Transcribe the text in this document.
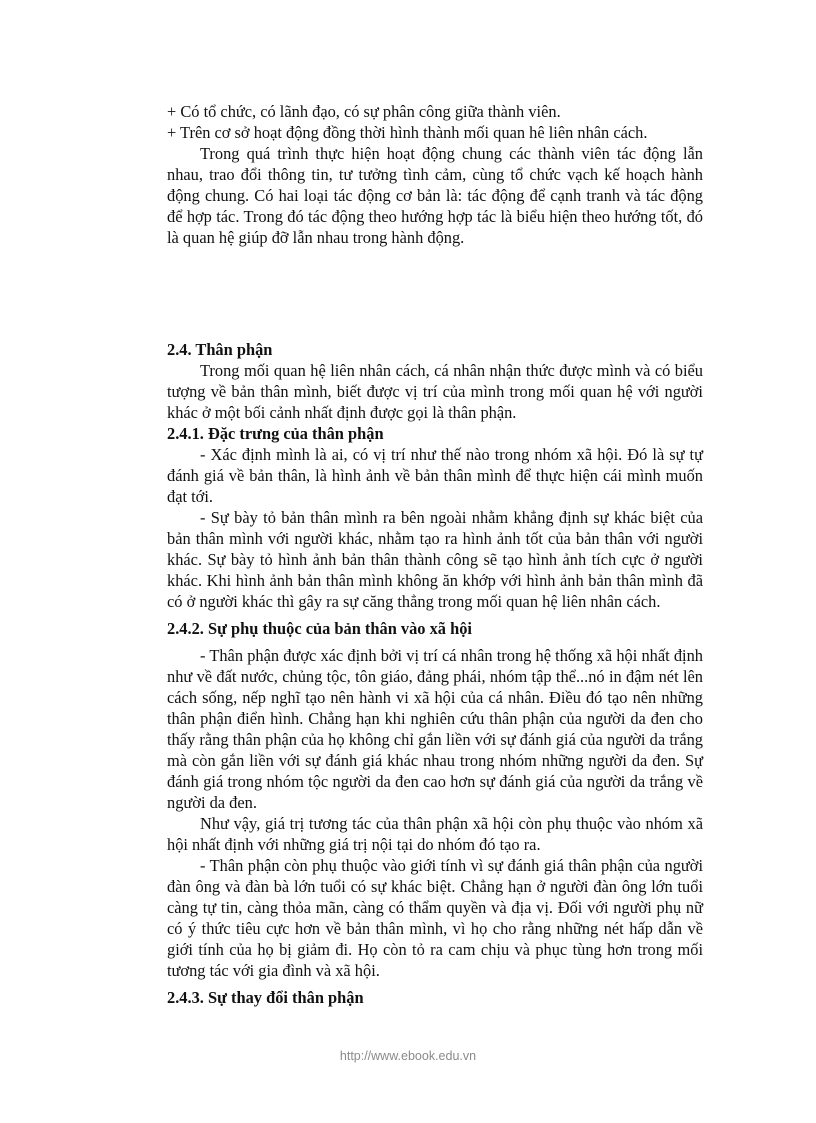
+ Có tổ chức, có lãnh đạo, có sự phân công giữa thành viên.

+ Trên cơ sở hoạt động đồng thời hình thành mối quan hê liên nhân cách.

Trong quá trình thực hiện hoạt động chung các thành viên tác động lẫn nhau, trao đổi thông tin, tư tưởng tình cảm, cùng tổ chức vạch kế hoạch hành động chung. Có hai loại tác động cơ bản là: tác động để cạnh tranh và tác động để hợp tác. Trong đó tác động theo hướng hợp tác là biểu hiện theo hướng tốt, đó là quan hệ giúp đỡ lẫn nhau trong hành động.

2.4. Thân phận

Trong mối quan hệ liên nhân cách, cá nhân nhận thức được mình và có biểu tượng về bản thân mình, biết được vị trí của mình trong mối quan hệ với người khác ở một bối cảnh nhất định được gọi là thân phận.

2.4.1. Đặc trưng của thân phận

- Xác định mình là ai, có vị trí như thế nào trong nhóm xã hội. Đó là sự tự đánh giá về bản thân, là hình ảnh về bản thân mình để thực hiện cái mình muốn đạt tới.

- Sự bày tỏ bản thân mình ra bên ngoài nhằm khẳng định sự khác biệt của bản thân mình với người khác, nhằm tạo ra hình ảnh tốt của bản thân với người khác. Sự bày tỏ hình ảnh bản thân thành công sẽ tạo hình ảnh tích cực ở người khác. Khi hình ảnh bản thân mình không ăn khớp với hình ảnh bản thân mình đã có ở người khác thì gây ra sự căng thẳng trong mối quan hệ liên nhân cách.

2.4.2. Sự phụ thuộc của bản thân vào xã hội

- Thân phận được xác định bởi vị trí cá nhân trong hệ thống xã hội nhất định như về đất nước, chủng tộc, tôn giáo, đảng phái, nhóm tập thể...nó in đậm nét lên cách sống, nếp nghĩ tạo nên hành vi xã hội của cá nhân. Điều đó tạo nên những thân phận điển hình. Chẳng hạn khi nghiên cứu thân phận của người da đen cho thấy rằng thân phận của họ không chỉ gắn liền với sự đánh giá của người da trắng mà còn gắn liền với sự đánh giá khác nhau trong nhóm những người da đen. Sự đánh giá trong nhóm tộc người da đen cao hơn sự đánh giá của người da trắng về người da đen.

Như vậy, giá trị tương tác của thân phận xã hội còn phụ thuộc vào nhóm xã hội nhất định với những giá trị nội tại do nhóm đó tạo ra.

- Thân phận còn phụ thuộc vào giới tính vì sự đánh giá thân phận của người đàn ông và đàn bà lớn tuổi có sự khác biệt. Chẳng hạn ở người đàn ông lớn tuổi càng tự tin, càng thỏa mãn, càng có thẩm quyền và địa vị. Đối với người phụ nữ có ý thức tiêu cực hơn về bản thân mình, vì họ cho rằng những nét hấp dẫn về giới tính của họ bị giảm đi. Họ còn tỏ ra cam chịu và phục tùng hơn trong mối tương tác với gia đình và xã hội.

2.4.3. Sự thay đổi thân phận

http://www.ebook.edu.vn
